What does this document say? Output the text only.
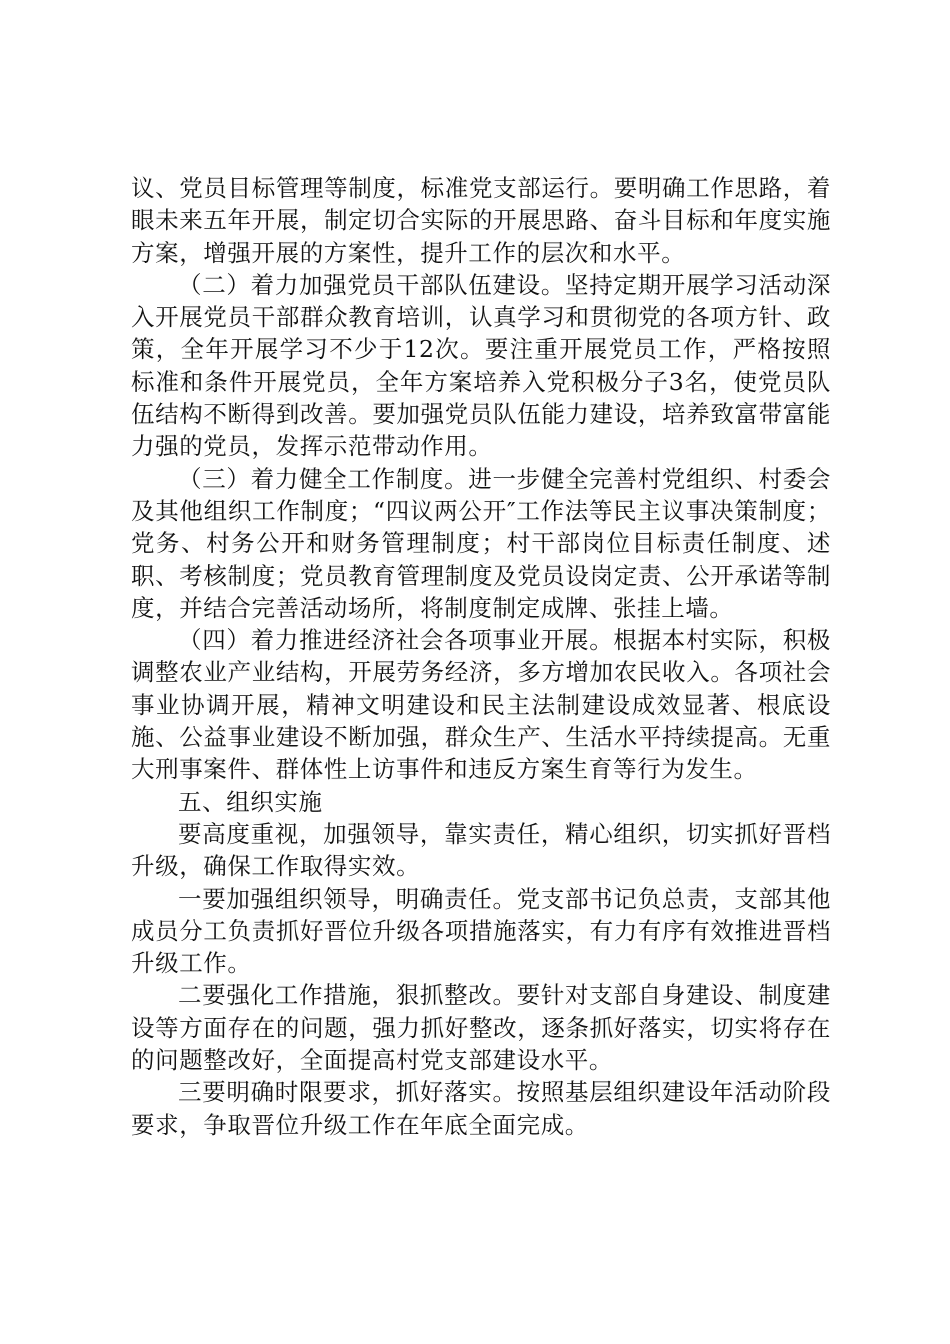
议、党员目标管理等制度，标准党支部运行。要明确工作思路，着眼未来五年开展，制定切合实际的开展思路、奋斗目标和年度实施方案，增强开展的方案性，提升工作的层次和水平。

（二）着力加强党员干部队伍建设。坚持定期开展学习活动深入开展党员干部群众教育培训，认真学习和贯彻党的各项方针、政策，全年开展学习不少于12次。要注重开展党员工作，严格按照标准和条件开展党员，全年方案培养入党积极分子3名，使党员队伍结构不断得到改善。要加强党员队伍能力建设，培养致富带富能力强的党员，发挥示范带动作用。

（三）着力健全工作制度。进一步健全完善村党组织、村委会及其他组织工作制度；“四议两公开″工作法等民主议事决策制度；党务、村务公开和财务管理制度；村干部岗位目标责任制度、述职、考核制度；党员教育管理制度及党员设岗定责、公开承诺等制度，并结合完善活动场所，将制度制定成牌、张挂上墙。

（四）着力推进经济社会各项事业开展。根据本村实际，积极调整农业产业结构，开展劳务经济，多方增加农民收入。各项社会事业协调开展，精神文明建设和民主法制建设成效显著、根底设施、公益事业建设不断加强，群众生产、生活水平持续提高。无重大刑事案件、群体性上访事件和违反方案生育等行为发生。

五、组织实施

要高度重视，加强领导，靠实责任，精心组织，切实抓好晋档升级，确保工作取得实效。

一要加强组织领导，明确责任。党支部书记负总责，支部其他成员分工负责抓好晋位升级各项措施落实，有力有序有效推进晋档升级工作。

二要强化工作措施，狠抓整改。要针对支部自身建设、制度建设等方面存在的问题，强力抓好整改，逐条抓好落实，切实将存在的问题整改好，全面提高村党支部建设水平。

三要明确时限要求，抓好落实。按照基层组织建设年活动阶段要求，争取晋位升级工作在年底全面完成。
